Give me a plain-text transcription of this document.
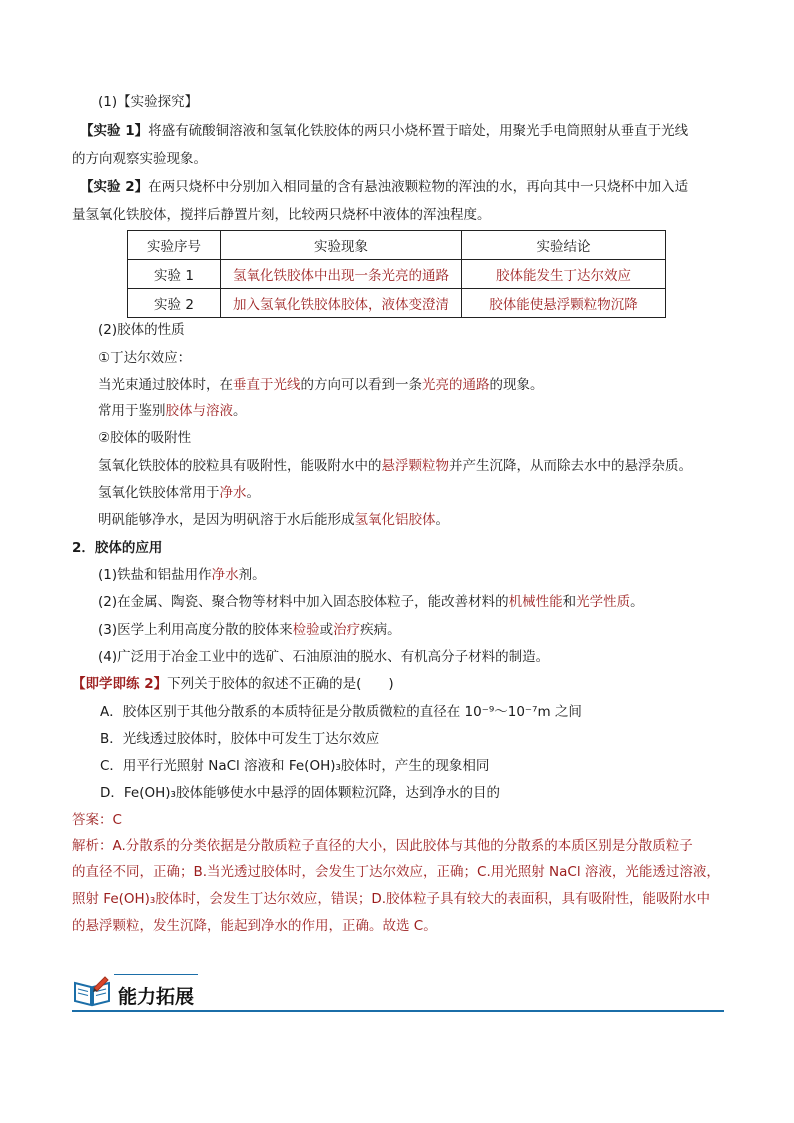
(1)【实验探究】
【实验 1】将盛有硫酸铜溶液和氢氧化铁胶体的两只小烧杯置于暗处，用聚光手电筒照射从垂直于光线
的方向观察实验现象。
【实验 2】在两只烧杯中分别加入相同量的含有悬浊液颗粒物的浑浊的水，再向其中一只烧杯中加入适
量氢氧化铁胶体，搅拌后静置片刻，比较两只烧杯中液体的浑浊程度。
实验序号	实验现象	实验结论
实验 1	氢氧化铁胶体中出现一条光亮的通路	胶体能发生丁达尔效应
实验 2	加入氢氧化铁胶体胶体，液体变澄清	胶体能使悬浮颗粒物沉降
(2)胶体的性质
①丁达尔效应：
当光束通过胶体时，在垂直于光线的方向可以看到一条光亮的通路的现象。
常用于鉴别胶体与溶液。
②胶体的吸附性
氢氧化铁胶体的胶粒具有吸附性，能吸附水中的悬浮颗粒物并产生沉降，从而除去水中的悬浮杂质。
氢氧化铁胶体常用于净水。
明矾能够净水，是因为明矾溶于水后能形成氢氧化铝胶体。
2．胶体的应用
(1)铁盐和铝盐用作净水剂。
(2)在金属、陶瓷、聚合物等材料中加入固态胶体粒子，能改善材料的机械性能和光学性质。
(3)医学上利用高度分散的胶体来检验或治疗疾病。
(4)广泛用于冶金工业中的选矿、石油原油的脱水、有机高分子材料的制造。
【即学即练 2】下列关于胶体的叙述不正确的是(　　)
A．胶体区别于其他分散系的本质特征是分散质微粒的直径在 10⁻⁹～10⁻⁷m 之间
B．光线透过胶体时，胶体中可发生丁达尔效应
C．用平行光照射 NaCl 溶液和 Fe(OH)₃胶体时，产生的现象相同
D．Fe(OH)₃胶体能够使水中悬浮的固体颗粒沉降，达到净水的目的
答案：C
解析：A.分散系的分类依据是分散质粒子直径的大小，因此胶体与其他的分散系的本质区别是分散质粒子
的直径不同，正确；B.当光透过胶体时，会发生丁达尔效应，正确；C.用光照射 NaCl 溶液，光能透过溶液，
照射 Fe(OH)₃胶体时，会发生丁达尔效应，错误；D.胶体粒子具有较大的表面积，具有吸附性，能吸附水中
的悬浮颗粒，发生沉降，能起到净水的作用，正确。故选 C。
能力拓展
